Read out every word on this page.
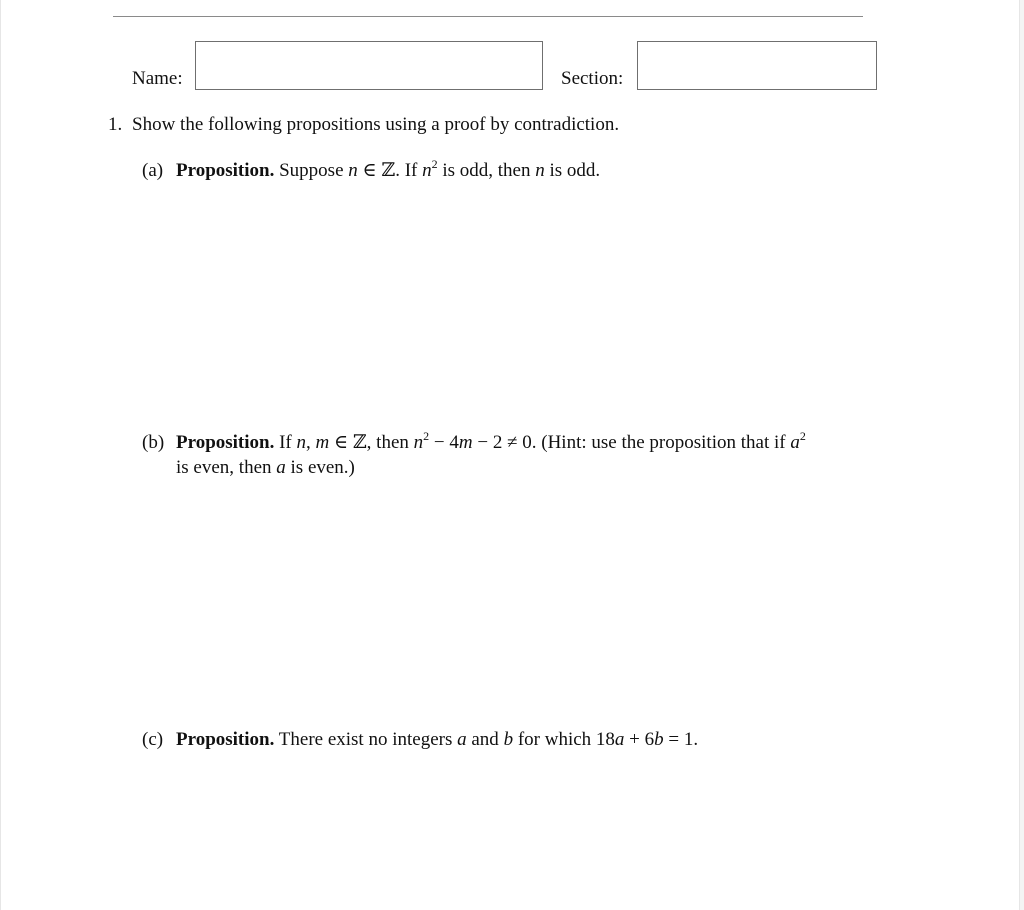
Name:	Section:
1. Show the following propositions using a proof by contradiction.
(a) Proposition. Suppose n ∈ ℤ. If $n^2$ is odd, then n is odd.
(b) Proposition. If n, m ∈ ℤ, then $n^2 - 4m - 2 \ne 0$. (Hint: use the proposition that if $a^2$
is even, then a is even.)
(c) Proposition. There exist no integers a and b for which 18a + 6b = 1.
